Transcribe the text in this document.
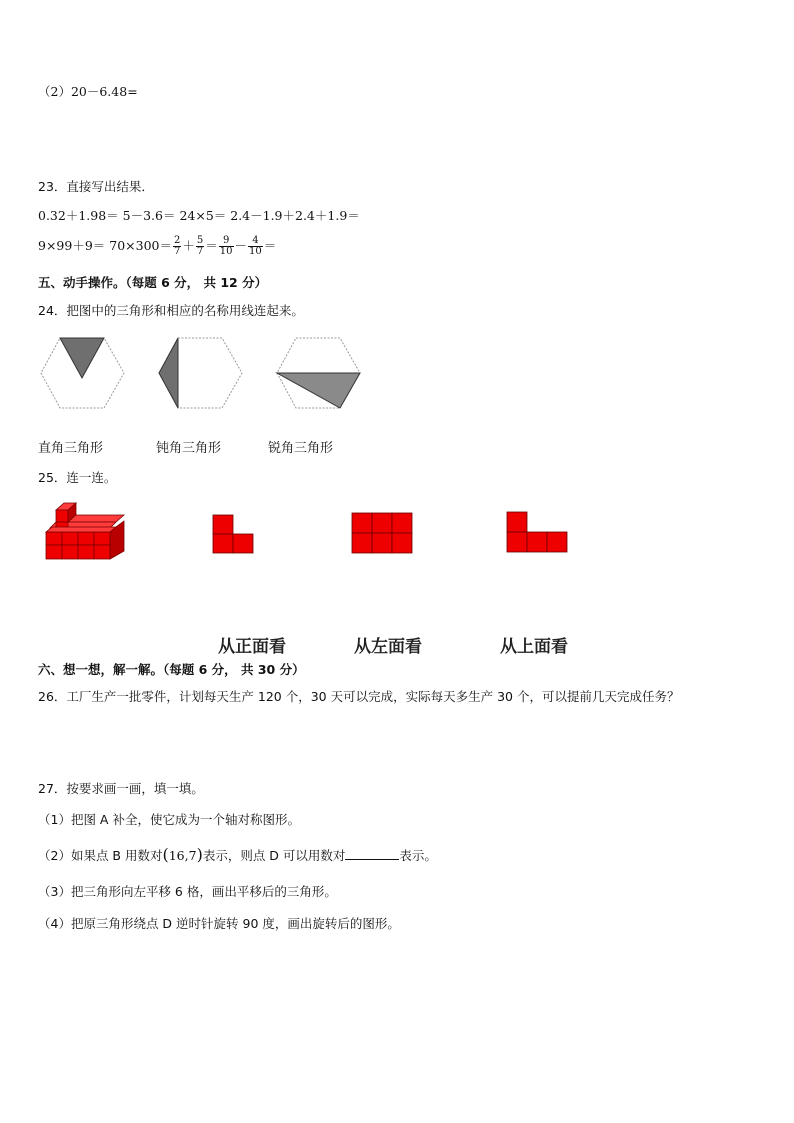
（2）20－6.48=
23．直接写出结果．
0.32＋1.98＝ 5－3.6＝ 24×5＝ 2.4－1.9＋2.4＋1.9＝
$9\times 99+9= 70\times 300= \frac{2}{7} + \frac{5}{7} = \frac{9}{10} - \frac{4}{10}$ ＝
五、动手操作。（每题 6 分， 共 12 分）
24．把图中的三角形和相应的名称用线连起来。
直角三角形	钝角三角形	锐角三角形
25．连一连。
从正面看	从左面看	从上面看
六、想一想，解一解。（每题 6 分， 共 30 分）
26．工厂生产一批零件，计划每天生产 120 个，30 天可以完成，实际每天多生产 30 个，可以提前几天完成任务？
27．按要求画一画，填一填。
（1）把图 A 补全，使它成为一个轴对称图形。
（2）如果点 B 用数对(16,7)表示，则点 D 可以用数对	表示。
（3）把三角形向左平移 6 格，画出平移后的三角形。
（4）把原三角形绕点 D 逆时针旋转 90 度，画出旋转后的图形。
